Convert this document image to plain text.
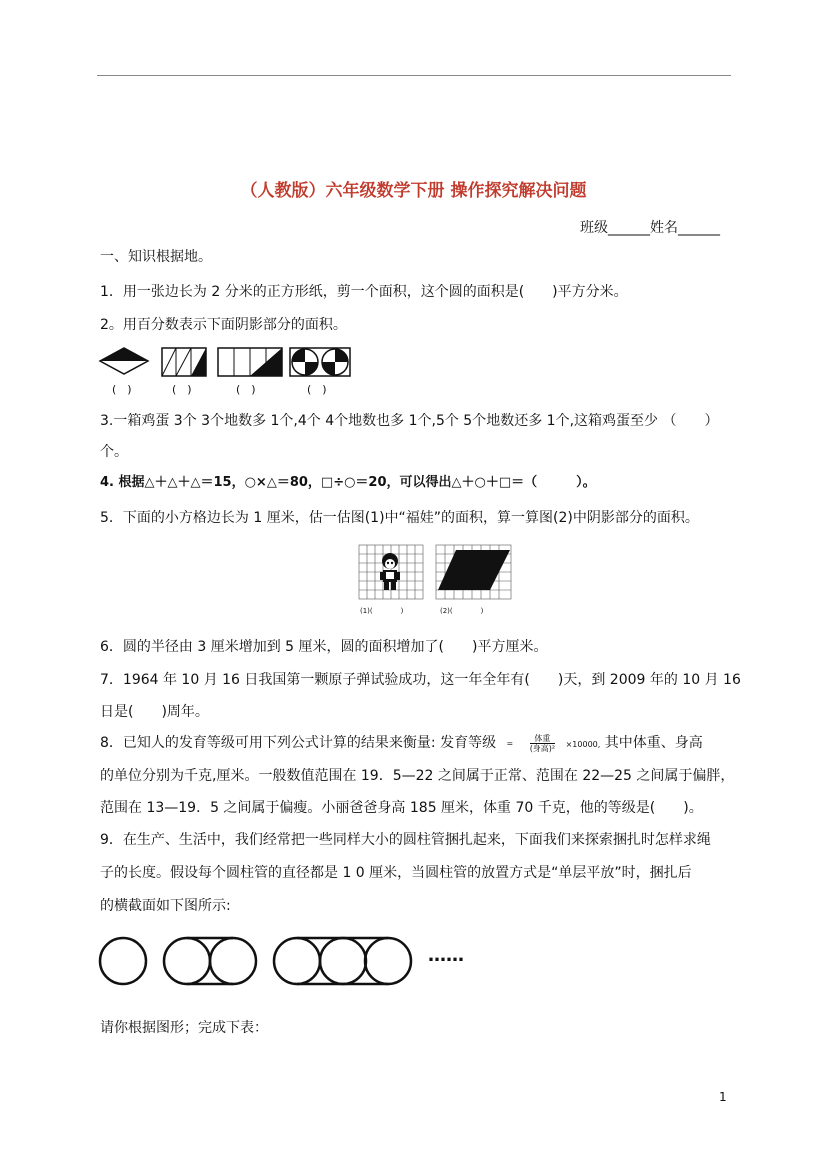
（人教版）六年级数学下册 操作探究解决问题
班级______姓名______
一、知识根据地。
1．用一张边长为 2 分米的正方形纸，剪一个面积，这个圆的面积是(　　)平方分米。
2。用百分数表示下面阴影部分的面积。
(　)	(　)	(　)	(　)
3.一箱鸡蛋 3个 3个地数多 1个,4个 4个地数也多 1个,5个 5个地数还多 1个,这箱鸡蛋至少 （　　）
个。
4. 根据△＋△＋△＝15，○×△＝80，□÷○＝20，可以得出△＋○＋□＝（　　　）。
5．下面的小方格边长为 1 厘米，估一估图(1)中“福娃”的面积，算一算图(2)中阴影部分的面积。
(1)(　　　　)	(2)(　　　　)
6．圆的半径由 3 厘米增加到 5 厘米，圆的面积增加了(　　)平方厘米。
7．1964 年 10 月 16 日我国第一颗原子弹试验成功，这一年全年有(　　)天，到 2009 年的 10 月 16
日是(　　)周年。
8．已知人的发育等级可用下列公式计算的结果来衡量: 发育等级 =
体重
(身高)² ×10000, 其中体重、身高
的单位分别为千克,厘米。一般数值范围在 19．5—22 之间属于正常、范围在 22—25 之间属于偏胖，
范围在 13—19．5 之间属于偏瘦。小丽爸爸身高 185 厘米，体重 70 千克，他的等级是(　　)。
9．在生产、生活中，我们经常把一些同样大小的圆柱管捆扎起来，下面我们来探索捆扎时怎样求绳
子的长度。假设每个圆柱管的直径都是 1 0 厘米，当圆柱管的放置方式是“单层平放”时，捆扎后
的横截面如下图所示:
……
请你根据图形；完成下表：
1
